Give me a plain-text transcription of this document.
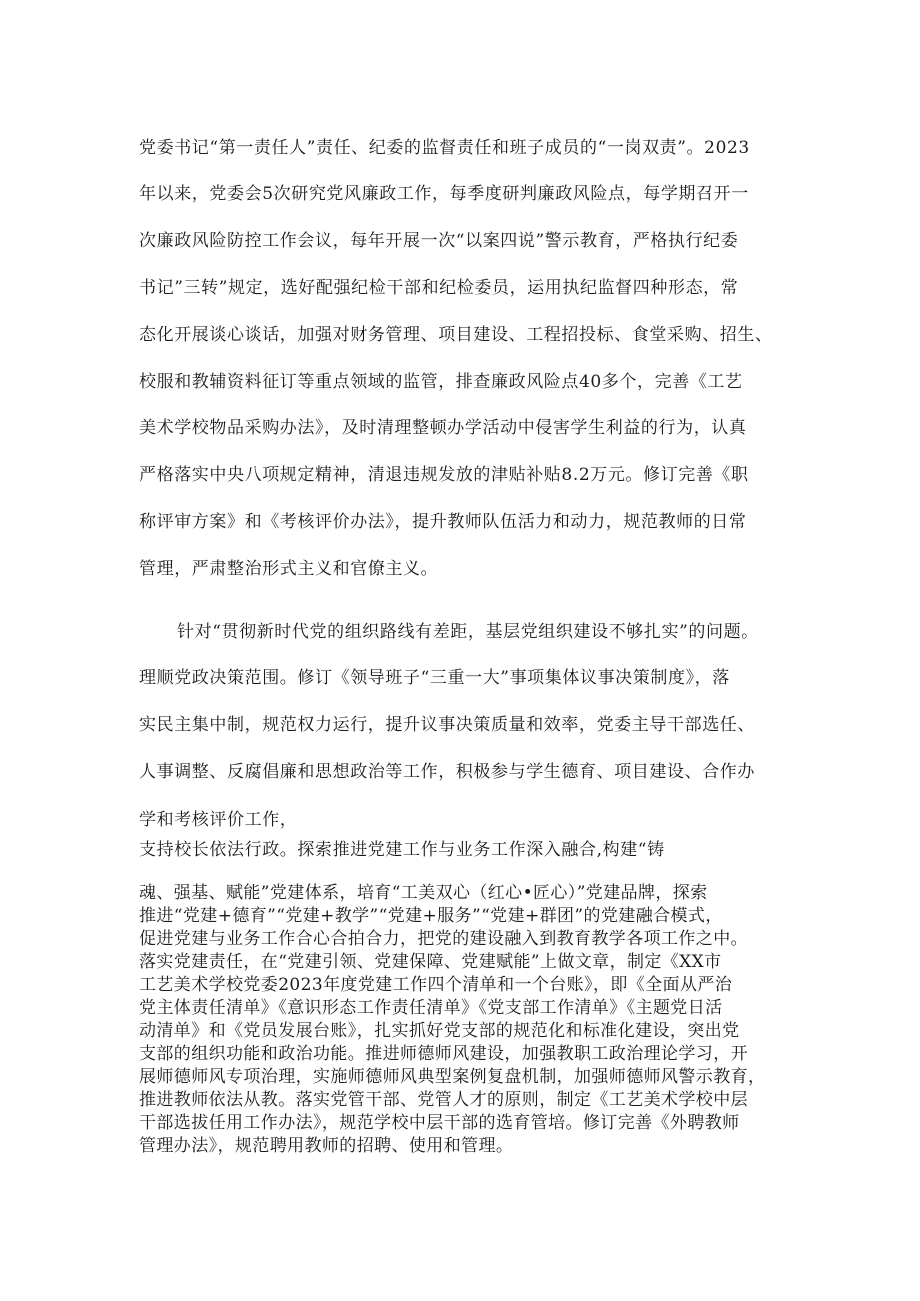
党委书记“第一责任人”责任、纪委的监督责任和班子成员的“一岗双责”。2023
年以来，党委会5次研究党风廉政工作，每季度研判廉政风险点，每学期召开一
次廉政风险防控工作会议，每年开展一次“以案四说”警示教育，严格执行纪委
书记”三转”规定，选好配强纪检干部和纪检委员，运用执纪监督四种形态，常
态化开展谈心谈话，加强对财务管理、项目建设、工程招投标、食堂采购、招生、
校服和教辅资料征订等重点领域的监管，排查廉政风险点40多个，完善《工艺
美术学校物品采购办法》，及时清理整顿办学活动中侵害学生利益的行为，认真
严格落实中央八项规定精神，清退违规发放的津贴补贴8.2万元。修订完善《职
称评审方案》和《考核评价办法》，提升教师队伍活力和动力，规范教师的日常
管理，严肃整治形式主义和官僚主义。
针对“贯彻新时代党的组织路线有差距，基层党组织建设不够扎实”的问题。
理顺党政决策范围。修订《领导班子“三重一大”事项集体议事决策制度》，落
实民主集中制，规范权力运行，提升议事决策质量和效率，党委主导干部选任、
人事调整、反腐倡廉和思想政治等工作，积极参与学生德育、项目建设、合作办
学和考核评价工作，
支持校长依法行政。探索推进党建工作与业务工作深入融合,构建“铸
魂、强基、赋能”党建体系，培育“工美双心（红心•匠心）”党建品牌，探索
推进“党建+德育”“党建+教学”“党建+服务”“党建+群团”的党建融合模式，
促进党建与业务工作合心合拍合力，把党的建设融入到教育教学各项工作之中。
落实党建责任，在“党建引领、党建保障、党建赋能”上做文章，制定《XX市
工艺美术学校党委2023年度党建工作四个清单和一个台账》，即《全面从严治
党主体责任清单》《意识形态工作责任清单》《党支部工作清单》《主题党日活
动清单》和《党员发展台账》，扎实抓好党支部的规范化和标准化建设，突出党
支部的组织功能和政治功能。推进师德师风建设，加强教职工政治理论学习，开
展师德师风专项治理，实施师德师风典型案例复盘机制，加强师德师风警示教育，
推进教师依法从教。落实党管干部、党管人才的原则，制定《工艺美术学校中层
干部选拔任用工作办法》，规范学校中层干部的选育管培。修订完善《外聘教师
管理办法》，规范聘用教师的招聘、使用和管理。
